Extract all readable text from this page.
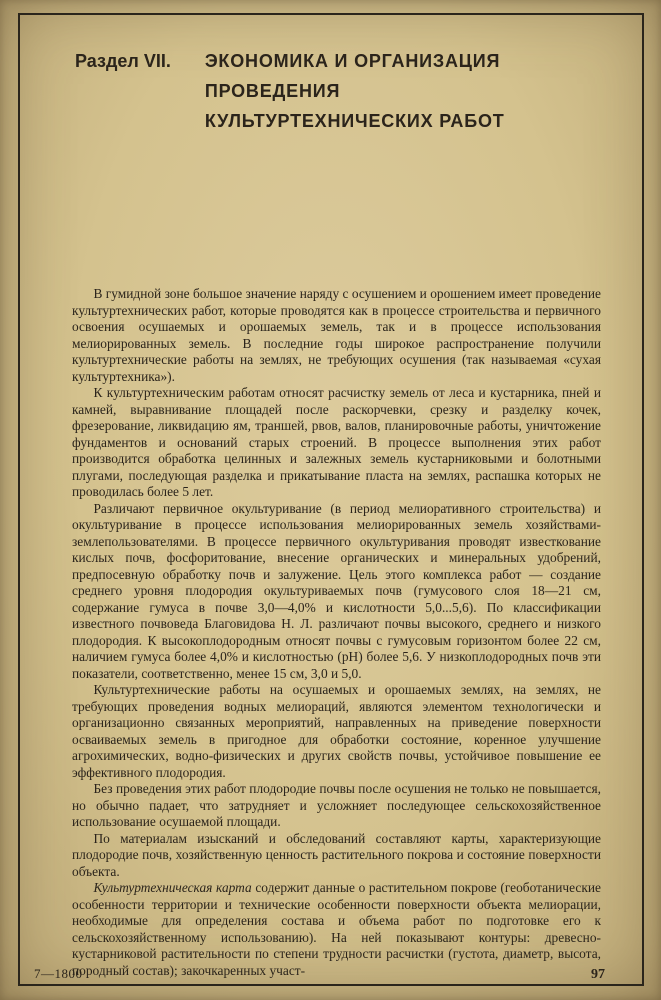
Раздел VII. ЭКОНОМИКА И ОРГАНИЗАЦИЯ
ПРОВЕДЕНИЯ
КУЛЬТУРТЕХНИЧЕСКИХ РАБОТ

В гумидной зоне большое значение наряду с осушением и орошением имеет проведение культуртехнических работ, которые проводятся как в процессе строительства и первичного освоения осушаемых и орошаемых земель, так и в процессе использования мелиорированных земель. В последние годы широкое распространение получили культуртехнические работы на землях, не требующих осушения (так называемая «сухая культуртехника»).

К культуртехническим работам относят расчистку земель от леса и кустарника, пней и камней, выравнивание площадей после раскорчевки, срезку и разделку кочек, фрезерование, ликвидацию ям, траншей, рвов, валов, планировочные работы, уничтожение фундаментов и оснований старых строений. В процессе выполнения этих работ производится обработка целинных и залежных земель кустарниковыми и болотными плугами, последующая разделка и прикатывание пласта на землях, распашка которых не проводилась более 5 лет.

Различают первичное окультуривание (в период мелиоративного строительства) и окультуривание в процессе использования мелиорированных земель хозяйствами-землепользователями. В процессе первичного окультуривания проводят известкование кислых почв, фосфоритование, внесение органических и минеральных удобрений, предпосевную обработку почв и залужение. Цель этого комплекса работ — создание среднего уровня плодородия окультуриваемых почв (гумусового слоя 18—21 см, содержание гумуса в почве 3,0—4,0% и кислотности 5,0...5,6). По классификации известного почвоведа Благовидова Н. Л. различают почвы высокого, среднего и низкого плодородия. К высокоплодородным относят почвы с гумусовым горизонтом более 22 см, наличием гумуса более 4,0% и кислотностью (рН) более 5,6. У низкоплодородных почв эти показатели, соответственно, менее 15 см, 3,0 и 5,0.

Культуртехнические работы на осушаемых и орошаемых землях, на землях, не требующих проведения водных мелиораций, являются элементом технологически и организационно связанных мероприятий, направленных на приведение поверхности осваиваемых земель в пригодное для обработки состояние, коренное улучшение агрохимических, водно-физических и других свойств почвы, устойчивое повышение ее эффективного плодородия.

Без проведения этих работ плодородие почвы после осушения не только не повышается, но обычно падает, что затрудняет и усложняет последующее сельскохозяйственное использование осушаемой площади.

По материалам изысканий и обследований составляют карты, характеризующие плодородие почв, хозяйственную ценность растительного покрова и состояние поверхности объекта.

Культуртехническая карта содержит данные о растительном покрове (геоботанические особенности территории и технические особенности поверхности объекта мелиорации, необходимые для определения состава и объема работ по подготовке его к сельскохозяйственному использованию). На ней показывают контуры: древесно-кустарниковой растительности по степени трудности расчистки (густота, диаметр, высота, породный состав); закочкаренных участ-

7—1800	97
